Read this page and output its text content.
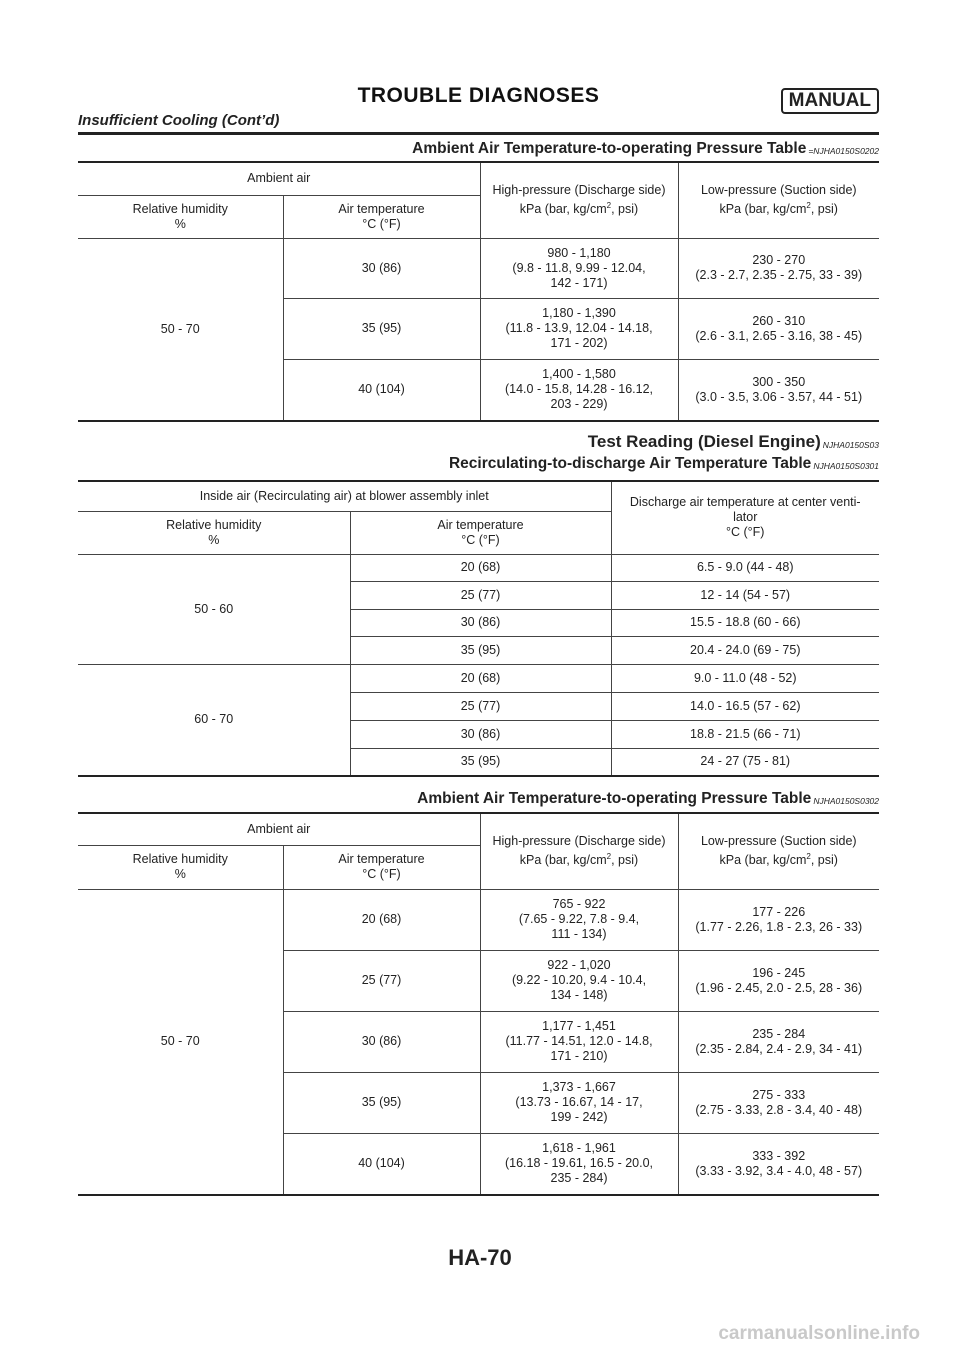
TROUBLE DIAGNOSES	MANUAL
Insufficient Cooling (Cont’d)
Ambient Air Temperature-to-operating Pressure Table =NJHA0150S0202
Ambient air		High-pressure (Discharge side)
kPa (bar, $kg/cm^2$, psi)	Low-pressure (Suction side)
kPa (bar, $kg/cm^2$, psi)
Relative humidity
%	Air temperature
°C (°F)		
50 - 70	30 (86)	980 - 1,180
(9.8 - 11.8, 9.99 - 12.04,
142 - 171)	230 - 270
(2.3 - 2.7, 2.35 - 2.75, 33 - 39)
	35 (95)	1,180 - 1,390
(11.8 - 13.9, 12.04 - 14.18,
171 - 202)	260 - 310
(2.6 - 3.1, 2.65 - 3.16, 38 - 45)
	40 (104)	1,400 - 1,580
(14.0 - 15.8, 14.28 - 16.12,
203 - 229)	300 - 350
(3.0 - 3.5, 3.06 - 3.57, 44 - 51)
Test Reading (Diesel Engine) NJHA0150S03
Recirculating-to-discharge Air Temperature Table NJHA0150S0301
Inside air (Recirculating air) at blower assembly inlet		Discharge air temperature at center venti-
lator
°C (°F)
Relative humidity
%	Air temperature
°C (°F)	
50 - 60	20 (68)	6.5 - 9.0 (44 - 48)
	25 (77)	12 - 14 (54 - 57)
	30 (86)	15.5 - 18.8 (60 - 66)
	35 (95)	20.4 - 24.0 (69 - 75)
60 - 70	20 (68)	9.0 - 11.0 (48 - 52)
	25 (77)	14.0 - 16.5 (57 - 62)
	30 (86)	18.8 - 21.5 (66 - 71)
	35 (95)	24 - 27 (75 - 81)
Ambient Air Temperature-to-operating Pressure Table NJHA0150S0302
Ambient air		High-pressure (Discharge side)
kPa (bar, $kg/cm^2$, psi)	Low-pressure (Suction side)
kPa (bar, $kg/cm^2$, psi)
Relative humidity
%	Air temperature
°C (°F)		
50 - 70	20 (68)	765 - 922
(7.65 - 9.22, 7.8 - 9.4,
111 - 134)	177 - 226
(1.77 - 2.26, 1.8 - 2.3, 26 - 33)
	25 (77)	922 - 1,020
(9.22 - 10.20, 9.4 - 10.4,
134 - 148)	196 - 245
(1.96 - 2.45, 2.0 - 2.5, 28 - 36)
	30 (86)	1,177 - 1,451
(11.77 - 14.51, 12.0 - 14.8,
171 - 210)	235 - 284
(2.35 - 2.84, 2.4 - 2.9, 34 - 41)
	35 (95)	1,373 - 1,667
(13.73 - 16.67, 14 - 17,
199 - 242)	275 - 333
(2.75 - 3.33, 2.8 - 3.4, 40 - 48)
	40 (104)	1,618 - 1,961
(16.18 - 19.61, 16.5 - 20.0,
235 - 284)	333 - 392
(3.33 - 3.92, 3.4 - 4.0, 48 - 57)
HA-70
carmanualsonline.info
